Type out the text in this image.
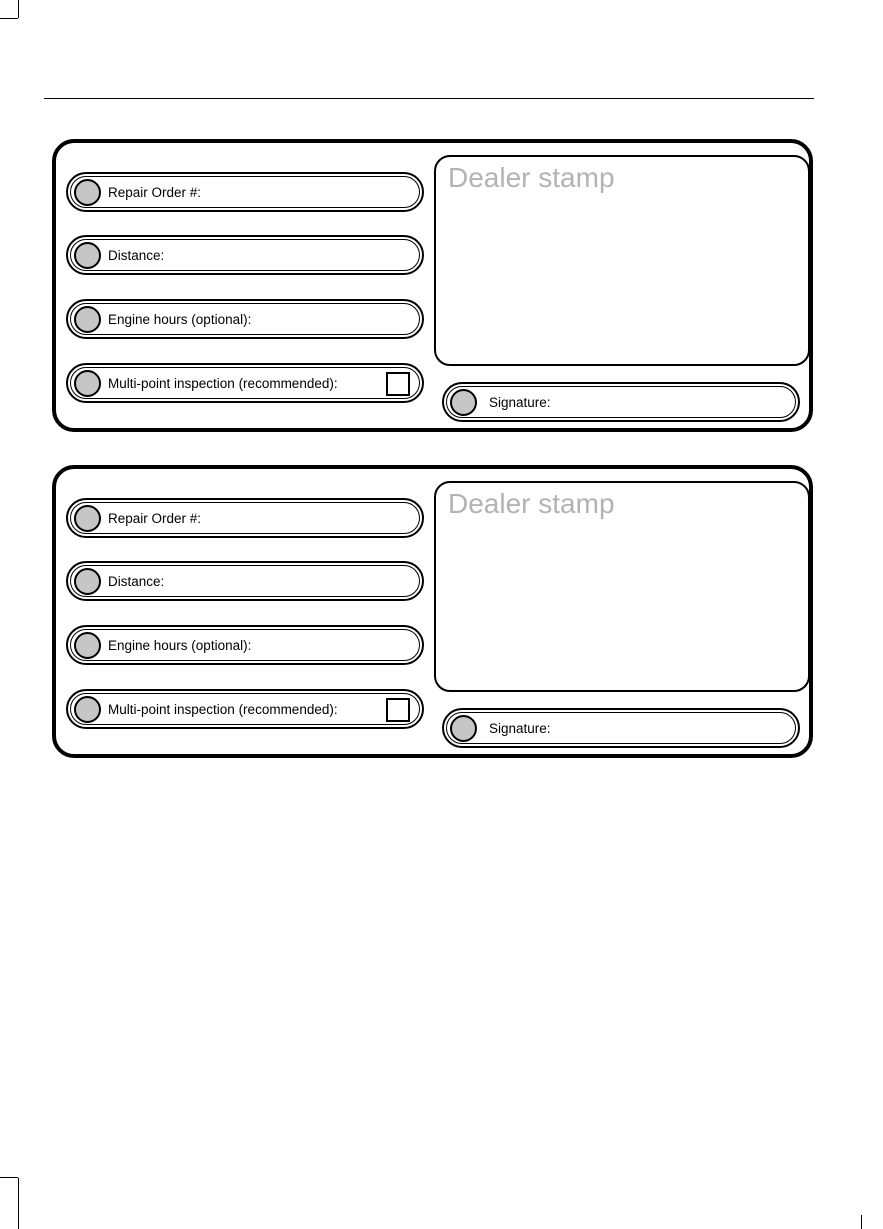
Repair Order #:
Distance:
Engine hours (optional):
Multi-point inspection (recommended):
Dealer stamp
Signature:
Repair Order #:
Distance:
Engine hours (optional):
Multi-point inspection (recommended):
Dealer stamp
Signature:
